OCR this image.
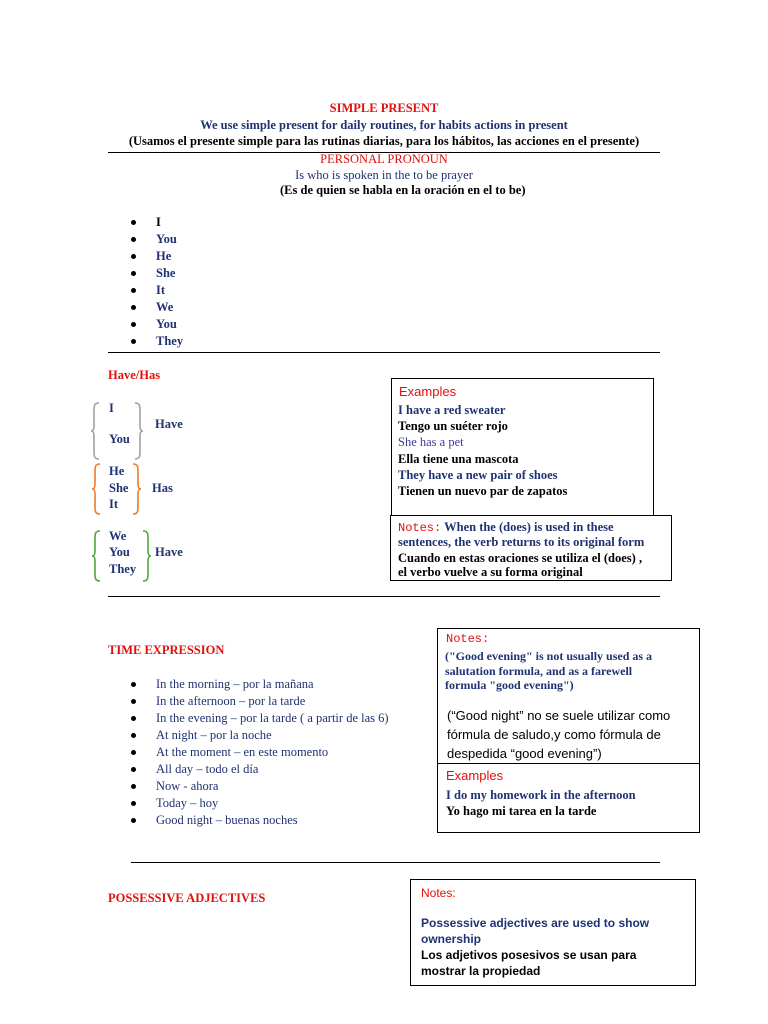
SIMPLE PRESENT
We use simple present for daily routines, for habits actions in present
(Usamos el presente simple para las rutinas diarias, para los hábitos, las acciones en el presente)
PERSONAL PRONOUN
Is who is spoken in the to be prayer
(Es de quien se habla en la oración en el to be)
I
You
He
She
It
We
You
They
Have/Has
I
You
Have
He
She
It
Has
We
You
They
Have
Examples
I have a red sweater
Tengo un suéter rojo
She has a pet
Ella tiene una mascota
They have a new pair of shoes
Tienen un nuevo par de zapatos
Notes: When the (does) is used in these
sentences, the verb returns to its original form
Cuando en estas oraciones se utiliza el (does) ,
el verbo vuelve a su forma original
TIME EXPRESSION
In the morning – por la mañana
In the afternoon – por la tarde
In the evening – por la tarde ( a partir de las 6)
At night – por la noche
At the moment – en este momento
All day – todo el día
Now - ahora
Today – hoy
Good night – buenas noches
Notes:
("Good evening" is not usually used as a
salutation formula, and as a farewell
formula "good evening")
(“Good night” no se suele utilizar como
fórmula de saludo,y como fórmula de
despedida “good evening”)
Examples
I do my homework in the afternoon
Yo hago mi tarea en la tarde
POSSESSIVE ADJECTIVES	Notes:
Possessive adjectives are used to show
ownership
Los adjetivos posesivos se usan para
mostrar la propiedad
